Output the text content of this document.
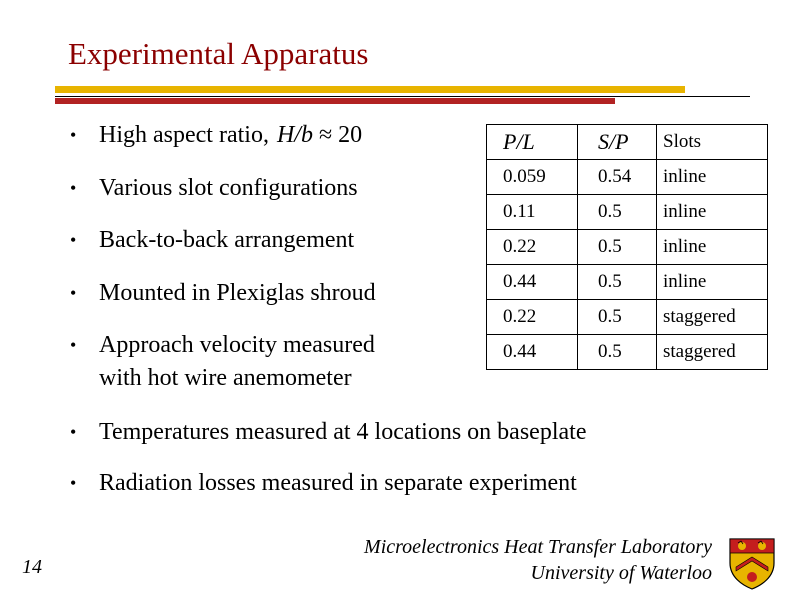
Experimental Apparatus
• High aspect ratio, H/b ≈ 20
• Various slot configurations
• Back-to-back arrangement
• Mounted in Plexiglas shroud
• Approach velocity measured
with hot wire anemometer
• Temperatures measured at 4 locations on baseplate
• Radiation losses measured in separate experiment
P/L	S/P	Slots
0.059	0.54	inline
0.11	0.5	inline
0.22	0.5	inline
0.44	0.5	inline
0.22	0.5	staggered
0.44	0.5	staggered
14
Microelectronics Heat Transfer Laboratory
University of Waterloo
